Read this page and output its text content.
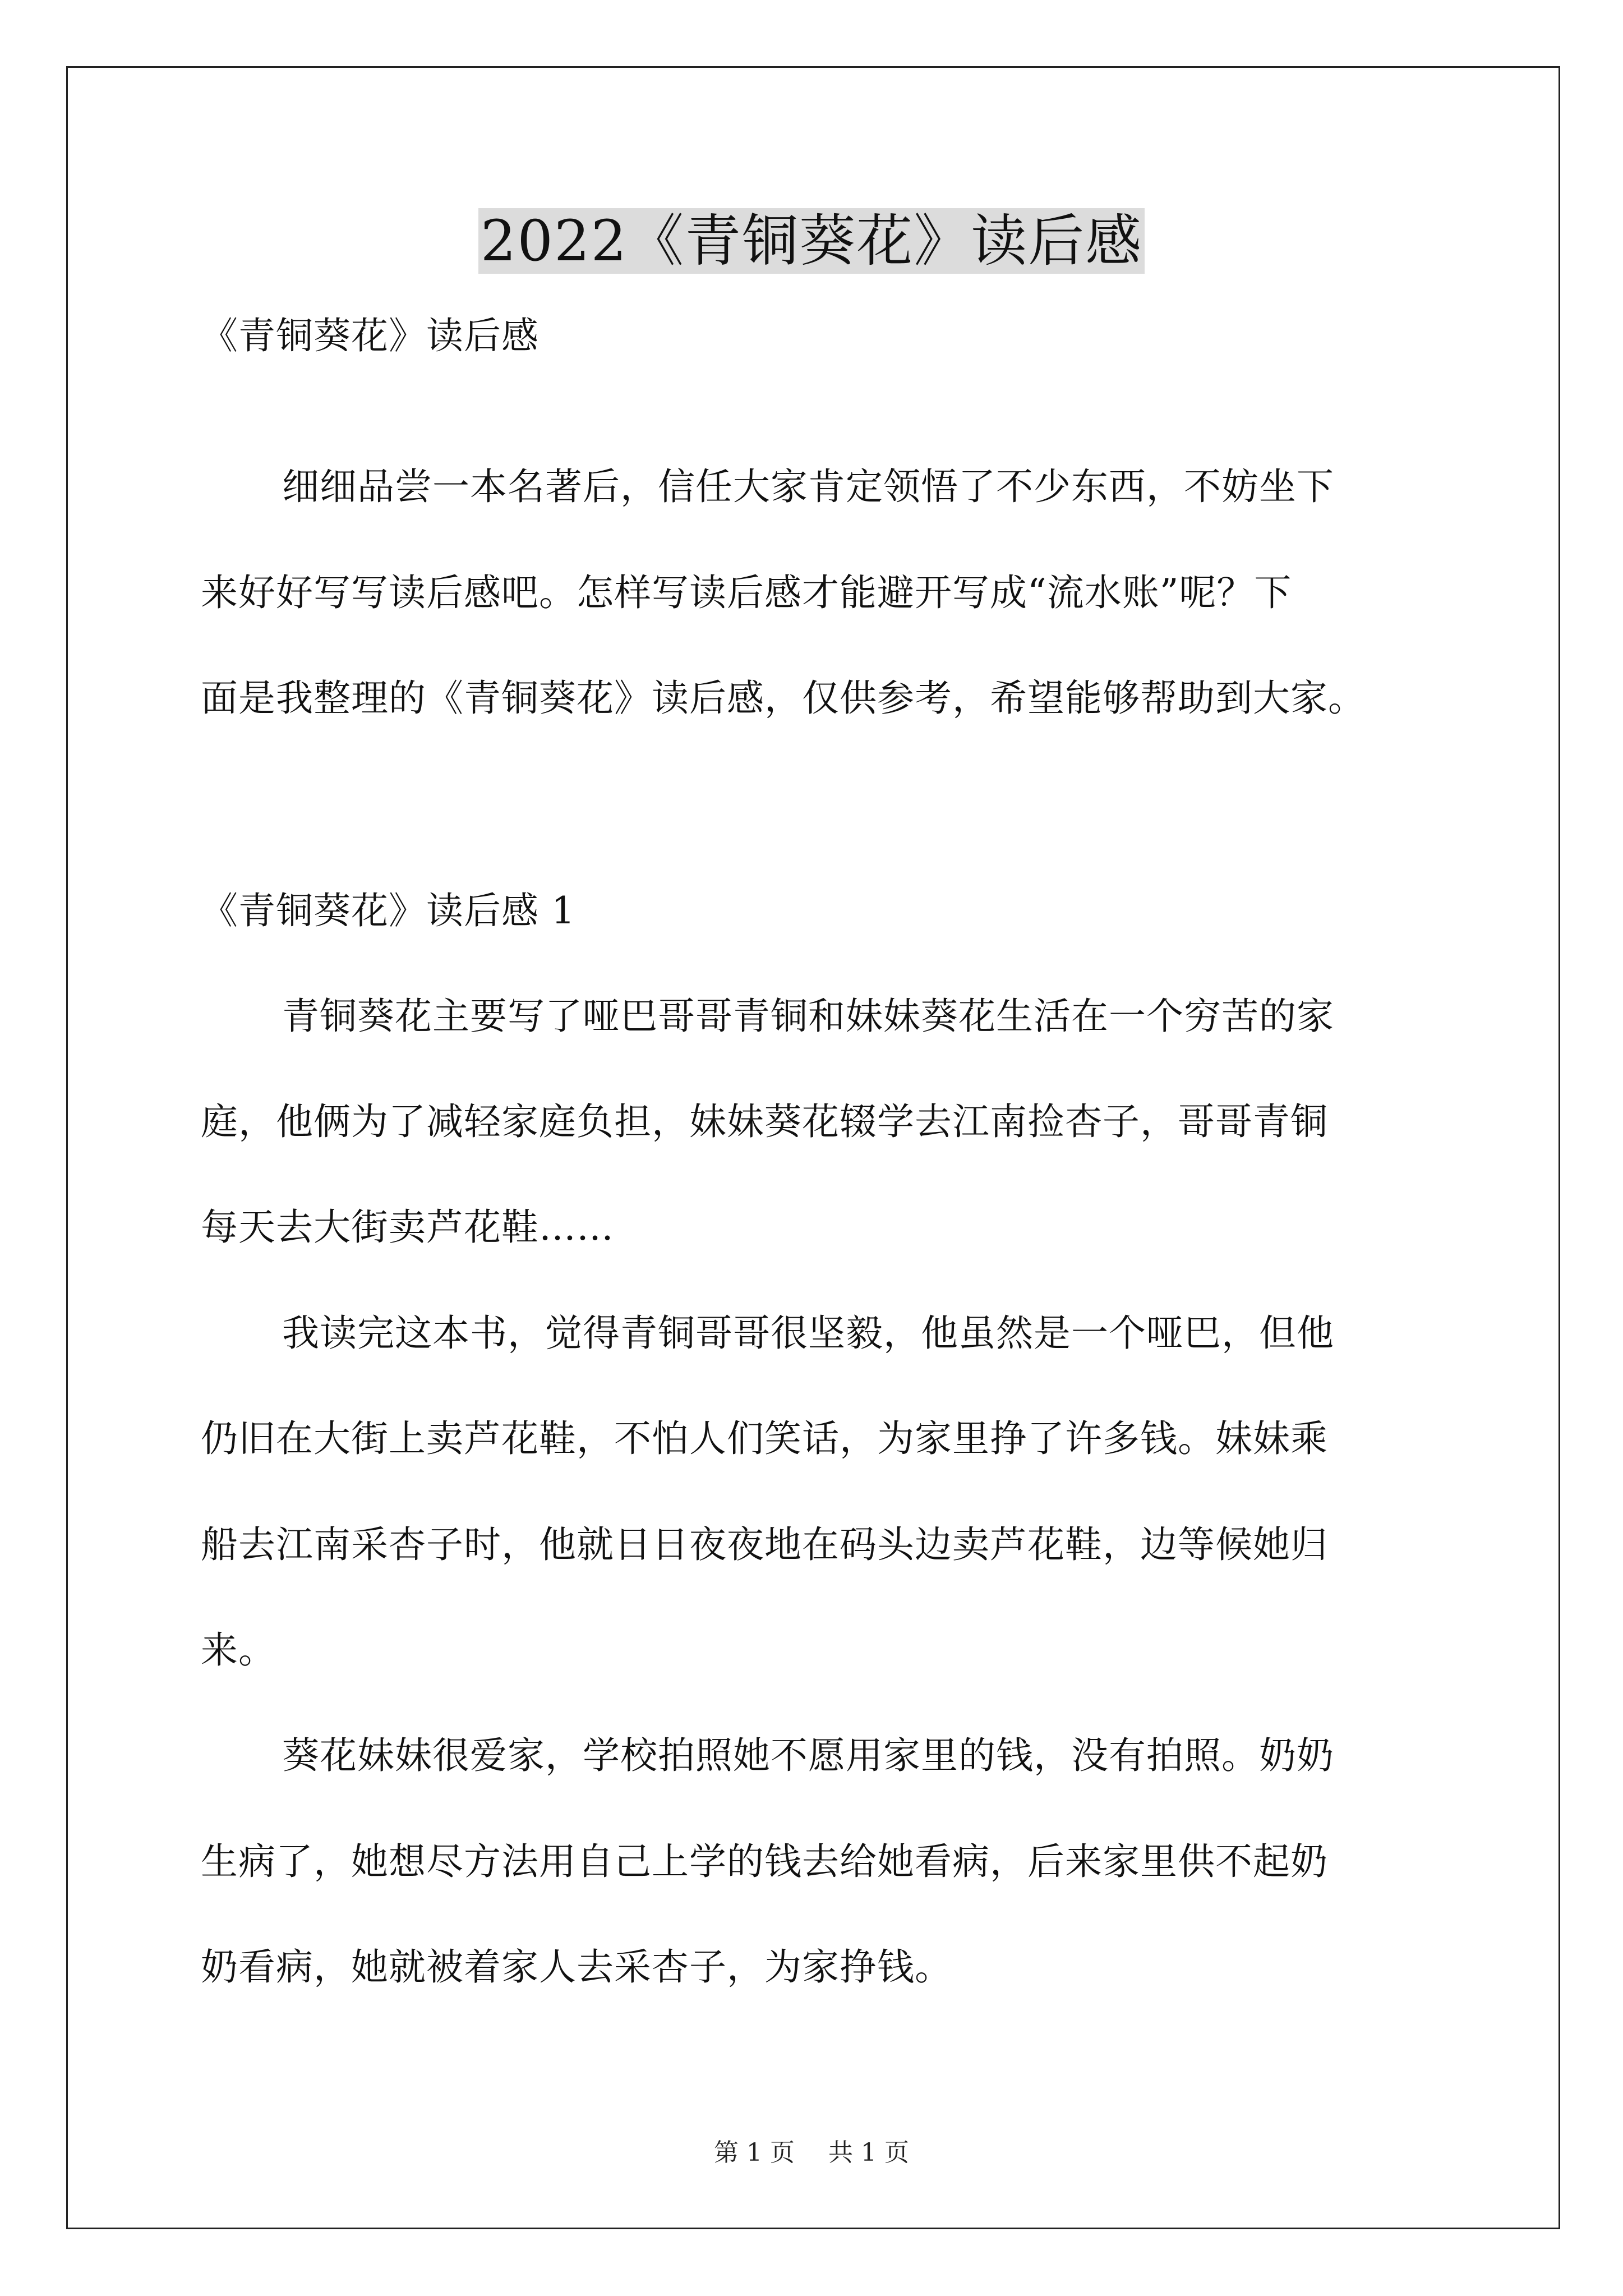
2022《青铜葵花》读后感
《青铜葵花》读后感
细细品尝一本名著后，信任大家肯定领悟了不少东西，不妨坐下
来好好写写读后感吧。怎样写读后感才能避开写成“流水账”呢？下
面是我整理的《青铜葵花》读后感，仅供参考，希望能够帮助到大家。
《青铜葵花》读后感 1
青铜葵花主要写了哑巴哥哥青铜和妹妹葵花生活在一个穷苦的家
庭，他俩为了减轻家庭负担，妹妹葵花辍学去江南捡杏子，哥哥青铜
每天去大街卖芦花鞋……
我读完这本书，觉得青铜哥哥很坚毅，他虽然是一个哑巴，但他
仍旧在大街上卖芦花鞋，不怕人们笑话，为家里挣了许多钱。妹妹乘
船去江南采杏子时，他就日日夜夜地在码头边卖芦花鞋，边等候她归
来。
葵花妹妹很爱家，学校拍照她不愿用家里的钱，没有拍照。奶奶
生病了，她想尽方法用自己上学的钱去给她看病，后来家里供不起奶
奶看病，她就被着家人去采杏子，为家挣钱。
第 1 页 共 1 页
